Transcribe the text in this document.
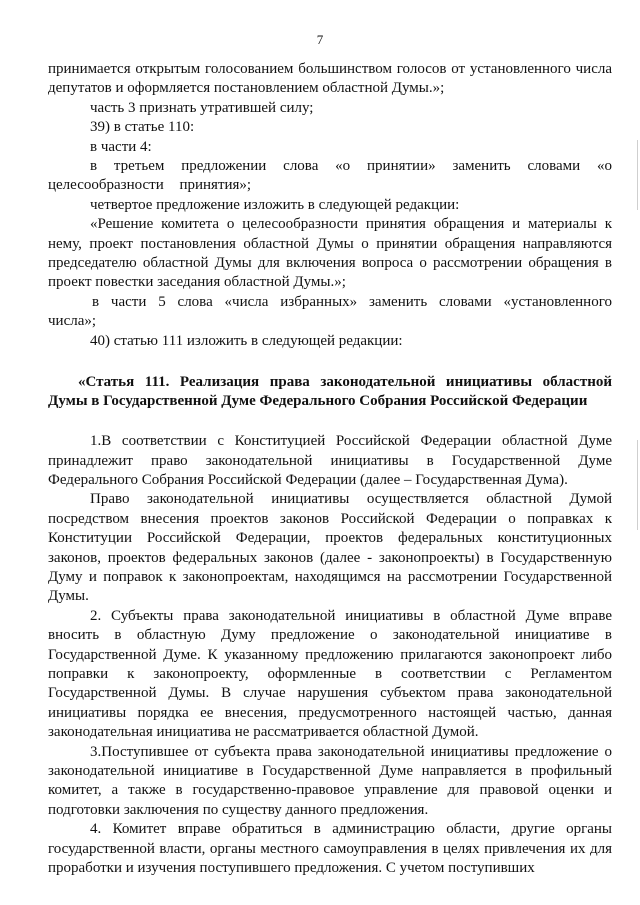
7

принимается открытым голосованием большинством голосов от установленного числа депутатов и оформляется постановлением областной Думы.»;

часть 3 признать утратившей силу;

39) в статье 110:

в части 4:

в третьем предложении слова «о принятии» заменить словами «о целесообразности принятия»;

четвертое предложение изложить в следующей редакции:

«Решение комитета о целесообразности принятия обращения и материалы к нему, проект постановления областной Думы о принятии обращения направляются председателю областной Думы для включения вопроса о рассмотрении обращения в проект повестки заседания областной Думы.»;

в части 5 слова «числа избранных» заменить словами «установленного числа»;

40) статью 111 изложить в следующей редакции:

«Статья 111. Реализация права законодательной инициативы областной Думы в Государственной Думе Федерального Собрания Российской Федерации

1.В соответствии с Конституцией Российской Федерации областной Думе принадлежит право законодательной инициативы в Государственной Думе Федерального Собрания Российской Федерации (далее – Государственная Дума).

Право законодательной инициативы осуществляется областной Думой посредством внесения проектов законов Российской Федерации о поправках к Конституции Российской Федерации, проектов федеральных конституционных законов, проектов федеральных законов (далее - законопроекты) в Государственную Думу и поправок к законопроектам, находящимся на рассмотрении Государственной Думы.

2. Субъекты права законодательной инициативы в областной Думе вправе вносить в областную Думу предложение о законодательной инициативе в Государственной Думе. К указанному предложению прилагаются законопроект либо поправки к законопроекту, оформленные в соответствии с Регламентом Государственной Думы. В случае нарушения субъектом права законодательной инициативы порядка ее внесения, предусмотренного настоящей частью, данная законодательная инициатива не рассматривается областной Думой.

3.Поступившее от субъекта права законодательной инициативы предложение о законодательной инициативе в Государственной Думе направляется в профильный комитет, а также в государственно-правовое управление для правовой оценки и подготовки заключения по существу данного предложения.

4. Комитет вправе обратиться в администрацию области, другие органы государственной власти, органы местного самоуправления в целях привлечения их для проработки и изучения поступившего предложения. С учетом поступивших
